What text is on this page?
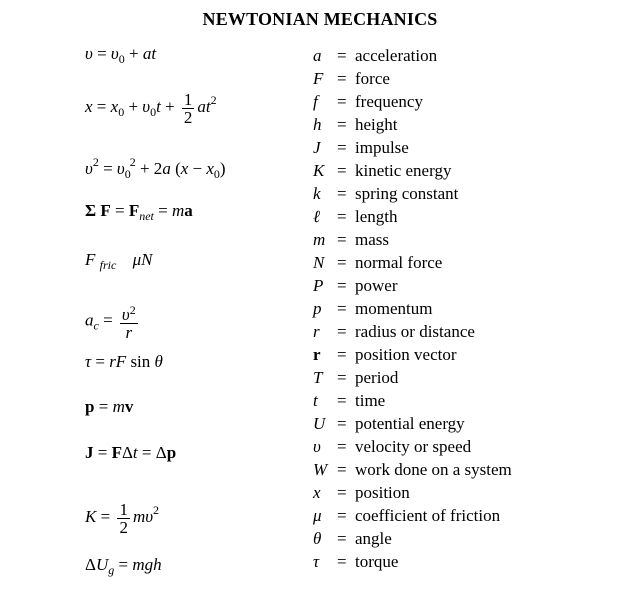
NEWTONIAN MECHANICS
$\upsilon = \upsilon_0$ + at
$x = x_0 + \upsilon_0t + \frac{1}{2} at^2$
$\upsilon^2 = \upsilon_0^2 + 2a$ $(x - x_0)$
Σ $F = F_{net}$ = ma
F $_{fric}$ μN
$a_c = \frac{\upsilon^2}{r}$
τ = rF sin θ
p = mv
J = FΔt = Δp
$K = \frac{1}{2} m\upsilon^2$
$\Delta U_g$ = mgh
a = acceleration
F = force
f = frequency
h = height
J = impulse
K = kinetic energy
k = spring constant
ℓ = length
m = mass
N = normal force
P = power
p = momentum
r = radius or distance
r = position vector
T = period
t = time
U = potential energy
υ = velocity or speed
W = work done on a system
x = position
μ = coefficient of friction
θ = angle
τ = torque
